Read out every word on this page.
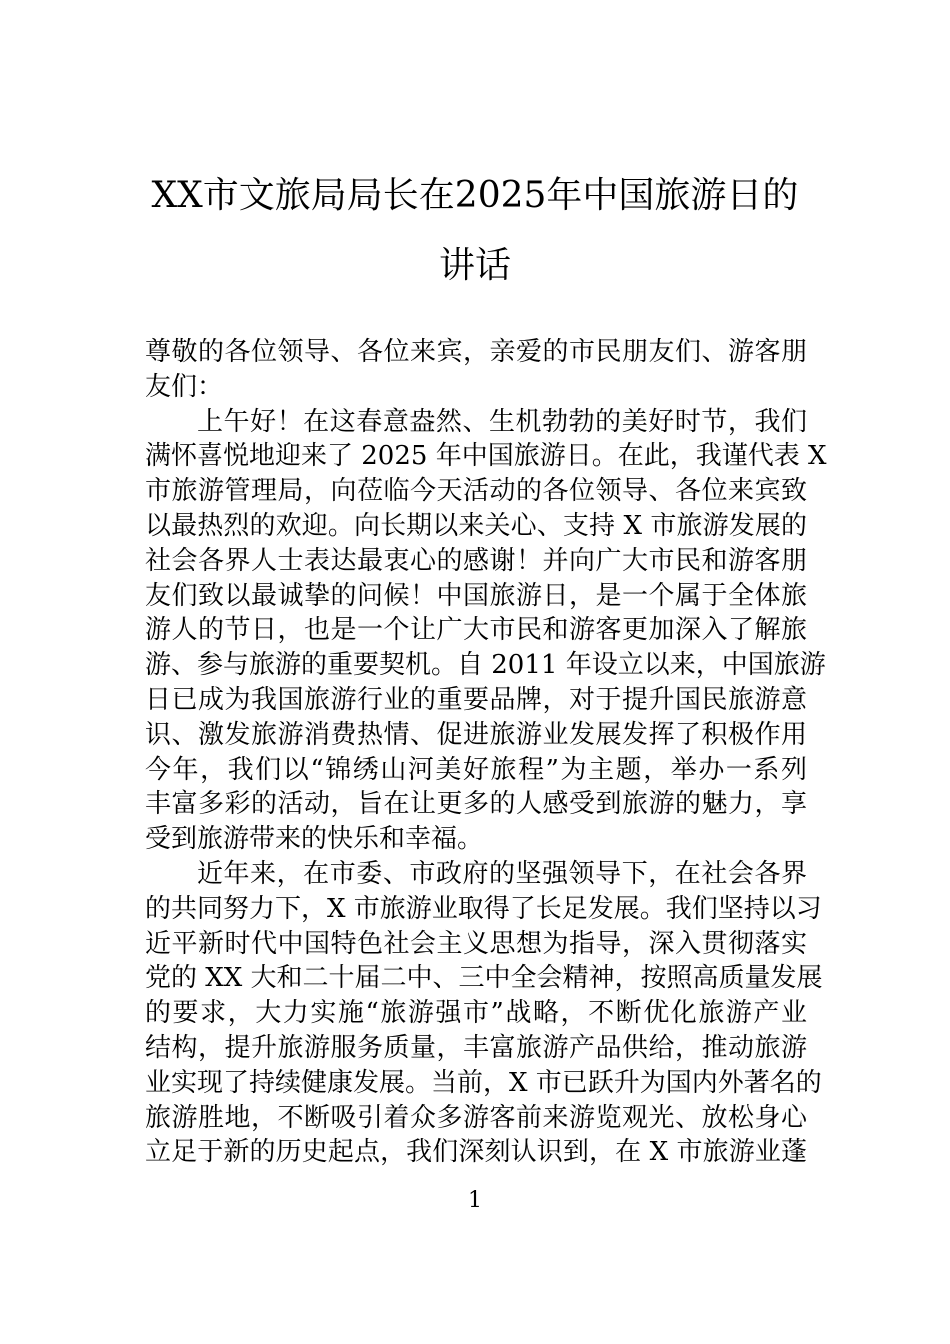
XX市文旅局局长在2025年中国旅游日的
讲话
尊敬的各位领导、各位来宾，亲爱的市民朋友们、游客朋
友们：
上午好！在这春意盎然、生机勃勃的美好时节，我们
满怀喜悦地迎来了 2025 年中国旅游日。在此，我谨代表 X
市旅游管理局，向莅临今天活动的各位领导、各位来宾致
以最热烈的欢迎。向长期以来关心、支持 X 市旅游发展的
社会各界人士表达最衷心的感谢！并向广大市民和游客朋
友们致以最诚挚的问候！中国旅游日，是一个属于全体旅
游人的节日，也是一个让广大市民和游客更加深入了解旅
游、参与旅游的重要契机。自 2011 年设立以来，中国旅游
日已成为我国旅游行业的重要品牌，对于提升国民旅游意
识、激发旅游消费热情、促进旅游业发展发挥了积极作用
今年，我们以“锦绣山河美好旅程”为主题，举办一系列
丰富多彩的活动，旨在让更多的人感受到旅游的魅力，享
受到旅游带来的快乐和幸福。
近年来，在市委、市政府的坚强领导下，在社会各界
的共同努力下，X 市旅游业取得了长足发展。我们坚持以习
近平新时代中国特色社会主义思想为指导，深入贯彻落实
党的 XX 大和二十届二中、三中全会精神，按照高质量发展
的要求，大力实施“旅游强市”战略，不断优化旅游产业
结构，提升旅游服务质量，丰富旅游产品供给，推动旅游
业实现了持续健康发展。当前，X 市已跃升为国内外著名的
旅游胜地，不断吸引着众多游客前来游览观光、放松身心
立足于新的历史起点，我们深刻认识到，在 X 市旅游业蓬
1
